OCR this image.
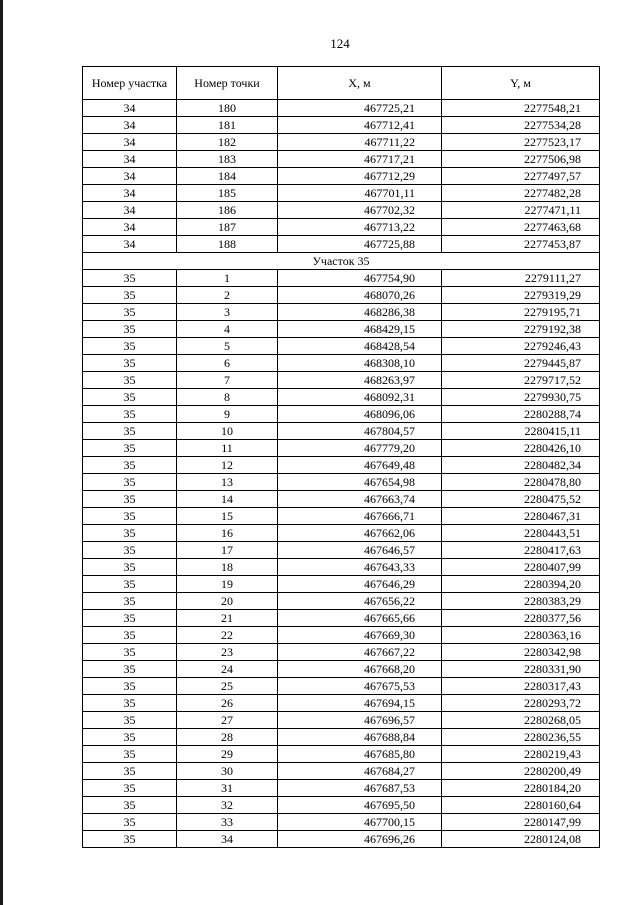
124
Номер участка	Номер точки	X, м	Y, м
34	180	467725,21	2277548,21
34	181	467712,41	2277534,28
34	182	467711,22	2277523,17
34	183	467717,21	2277506,98
34	184	467712,29	2277497,57
34	185	467701,11	2277482,28
34	186	467702,32	2277471,11
34	187	467713,22	2277463,68
34	188	467725,88	2277453,87
Участок 35			
35	1	467754,90	2279111,27
35	2	468070,26	2279319,29
35	3	468286,38	2279195,71
35	4	468429,15	2279192,38
35	5	468428,54	2279246,43
35	6	468308,10	2279445,87
35	7	468263,97	2279717,52
35	8	468092,31	2279930,75
35	9	468096,06	2280288,74
35	10	467804,57	2280415,11
35	11	467779,20	2280426,10
35	12	467649,48	2280482,34
35	13	467654,98	2280478,80
35	14	467663,74	2280475,52
35	15	467666,71	2280467,31
35	16	467662,06	2280443,51
35	17	467646,57	2280417,63
35	18	467643,33	2280407,99
35	19	467646,29	2280394,20
35	20	467656,22	2280383,29
35	21	467665,66	2280377,56
35	22	467669,30	2280363,16
35	23	467667,22	2280342,98
35	24	467668,20	2280331,90
35	25	467675,53	2280317,43
35	26	467694,15	2280293,72
35	27	467696,57	2280268,05
35	28	467688,84	2280236,55
35	29	467685,80	2280219,43
35	30	467684,27	2280200,49
35	31	467687,53	2280184,20
35	32	467695,50	2280160,64
35	33	467700,15	2280147,99
35	34	467696,26	2280124,08
